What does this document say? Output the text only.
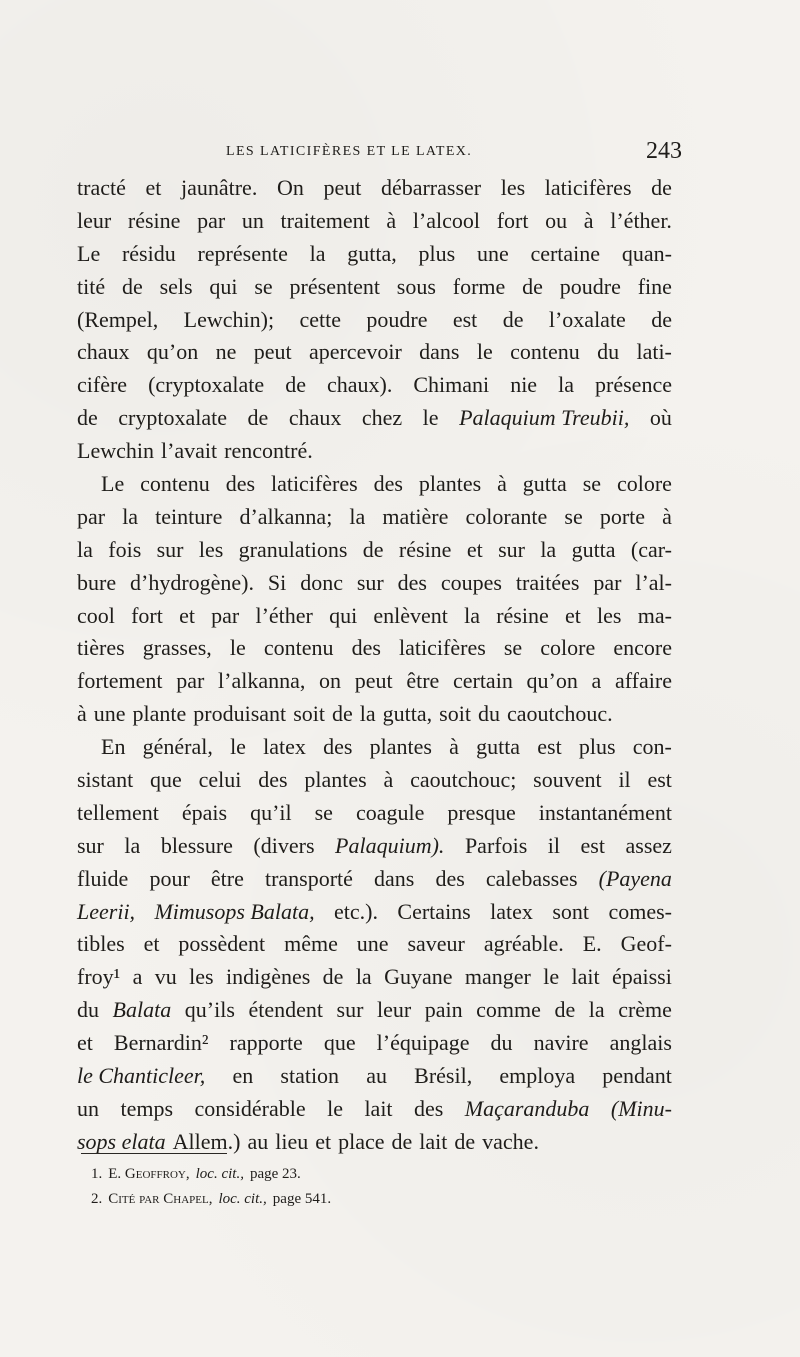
LES LATICIFÈRES ET LE LATEX.	243
tracté et jaunâtre. On peut débarrasser les laticifères de
leur résine par un traitement à l’alcool fort ou à l’éther.
Le résidu représente la gutta, plus une certaine quan-
tité de sels qui se présentent sous forme de poudre fine
(Rempel, Lewchin); cette poudre est de l’oxalate de
chaux qu’on ne peut apercevoir dans le contenu du lati-
cifère (cryptoxalate de chaux). Chimani nie la présence
de cryptoxalate de chaux chez le Palaquium Treubii, où
Lewchin l’avait rencontré.
Le contenu des laticifères des plantes à gutta se colore
par la teinture d’alkanna; la matière colorante se porte à
la fois sur les granulations de résine et sur la gutta (car-
bure d’hydrogène). Si donc sur des coupes traitées par l’al-
cool fort et par l’éther qui enlèvent la résine et les ma-
tières grasses, le contenu des laticifères se colore encore
fortement par l’alkanna, on peut être certain qu’on a affaire
à une plante produisant soit de la gutta, soit du caoutchouc.
En général, le latex des plantes à gutta est plus con-
sistant que celui des plantes à caoutchouc; souvent il est
tellement épais qu’il se coagule presque instantanément
sur la blessure (divers Palaquium). Parfois il est assez
fluide pour être transporté dans des calebasses (Payena
Leerii, Mimusops Balata, etc.). Certains latex sont comes-
tibles et possèdent même une saveur agréable. E. Geof-
froy¹ a vu les indigènes de la Guyane manger le lait épaissi
du Balata qu’ils étendent sur leur pain comme de la crème
et Bernardin² rapporte que l’équipage du navire anglais
le Chanticleer, en station au Brésil, employa pendant
un temps considérable le lait des Maçaranduba (Minu-
sops elata Allem.) au lieu et place de lait de vache.
1. E. Geoffroy, loc. cit., page 23.
2. Cité par Chapel, loc. cit., page 541.
